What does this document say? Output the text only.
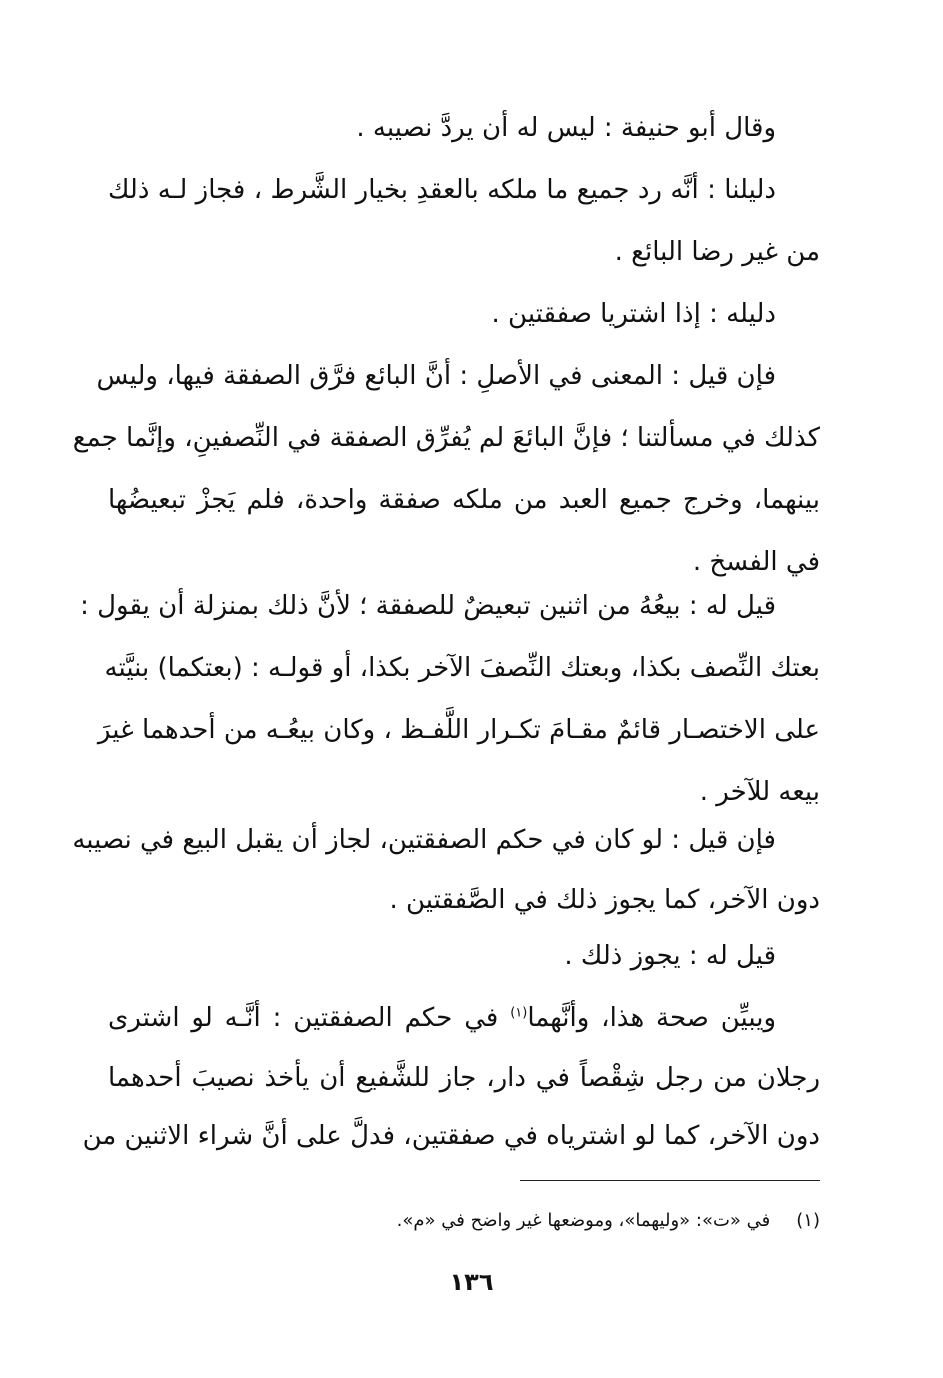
وقال أبو حنيفة : ليس له أن يردَّ نصيبه .
دليلنا : أنَّه رد جميع ما ملكه بالعقدِ بخيار الشَّرط ، فجاز لـه ذلك
من غير رضا البائع .
دليله : إذا اشتريا صفقتين .
فإن قيل : المعنى في الأصلِ : أنَّ البائع فرَّق الصفقة فيها، وليس
كذلك في مسألتنا ؛ فإنَّ البائعَ لم يُفرِّق الصفقة في النِّصفينِ، وإنَّما جمع
بينهما، وخرج جميع العبد من ملكه صفقة واحدة، فلم يَجزْ تبعيضُها
في الفسخ .
قيل له : بيعُهُ من اثنين تبعيضٌ للصفقة ؛ لأنَّ ذلك بمنزلة أن يقول :
بعتك النِّصف بكذا، وبعتك النِّصفَ الآخر بكذا، أو قولـه : (بعتكما) بنيَّته
على الاختصـار قائمٌ مقـامَ تكـرار اللَّفـظ ، وكان بيعُـه من أحدهما غيرَ
بيعه للآخر .
فإن قيل : لو كان في حكم الصفقتين، لجاز أن يقبل البيع في نصيبه
دون الآخر، كما يجوز ذلك في الصَّفقتين .
قيل له : يجوز ذلك .
ويبيِّن صحة هذا، وأنَّهما$^{(١)}$ في حكم الصفقتين : أنَّـه لو اشترى
رجلان من رجل شِقْصاً في دار، جاز للشَّفيع أن يأخذ نصيبَ أحدهما
دون الآخر، كما لو اشترياه في صفقتين، فدلَّ على أنَّ شراء الاثنين من
(١)في «ت»: «وليهما»، وموضعها غير واضح في «م».
١٣٦
